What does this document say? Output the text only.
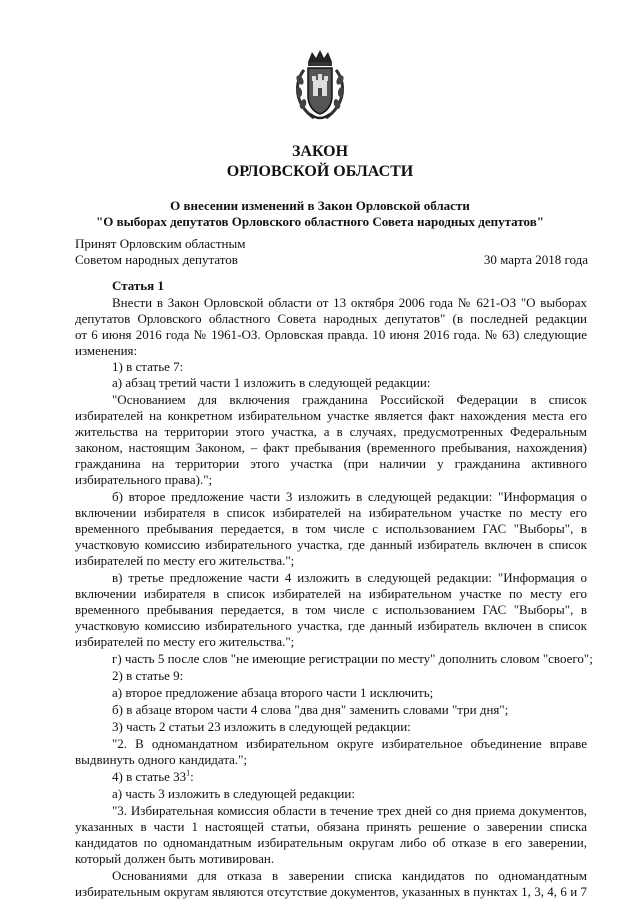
ЗАКОН
ОРЛОВСКОЙ ОБЛАСТИ
О внесении изменений в Закон Орловской области
"О выборах депутатов Орловского областного Совета народных депутатов"
Принят Орловским областным
Советом народных депутатов	30 марта 2018 года
Статья 1
Внести в Закон Орловской области от 13 октября 2006 года № 621-ОЗ "О выборах
депутатов Орловского областного Совета народных депутатов" (в последней редакции
от 6 июня 2016 года № 1961-ОЗ. Орловская правда. 10 июня 2016 года. № 63) следующие
изменения:
1) в статье 7:
а) абзац третий части 1 изложить в следующей редакции:
"Основанием для включения гражданина Российской Федерации в список
избирателей на конкретном избирательном участке является факт нахождения места его
жительства на территории этого участка, а в случаях, предусмотренных Федеральным
законом, настоящим Законом, – факт пребывания (временного пребывания, нахождения)
гражданина на территории этого участка (при наличии у гражданина активного
избирательного права).";
б) второе предложение части 3 изложить в следующей редакции: "Информация о
включении избирателя в список избирателей на избирательном участке по месту его
временного пребывания передается, в том числе с использованием ГАС "Выборы", в
участковую комиссию избирательного участка, где данный избиратель включен в список
избирателей по месту его жительства.";
в) третье предложение части 4 изложить в следующей редакции: "Информация о
включении избирателя в список избирателей на избирательном участке по месту его
временного пребывания передается, в том числе с использованием ГАС "Выборы", в
участковую комиссию избирательного участка, где данный избиратель включен в список
избирателей по месту его жительства.";
г) часть 5 после слов "не имеющие регистрации по месту" дополнить словом "своего";
2) в статье 9:
а) второе предложение абзаца второго части 1 исключить;
б) в абзаце втором части 4 слова "два дня" заменить словами "три дня";
3) часть 2 статьи 23 изложить в следующей редакции:
"2. В одномандатном избирательном округе избирательное объединение вправе
выдвинуть одного кандидата.";
4) в статье $33^1$:
а) часть 3 изложить в следующей редакции:
"3. Избирательная комиссия области в течение трех дней со дня приема документов,
указанных в части 1 настоящей статьи, обязана принять решение о заверении списка
кандидатов по одномандатным избирательным округам либо об отказе в его заверении,
который должен быть мотивирован.
Основаниями для отказа в заверении списка кандидатов по одномандатным
избирательным округам являются отсутствие документов, указанных в пунктах 1, 3, 4, 6 и 7
